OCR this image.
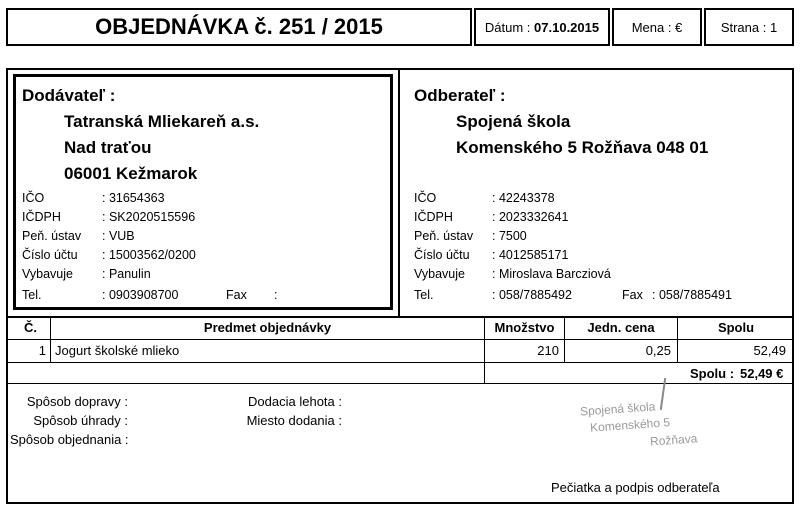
OBJEDNÁVKA č. 251 / 2015	Dátum :
07.10.2015	Mena : €	Strana : 1
Dodávateľ :
Tatranská Mliekareň a.s.
Nad traťou
06001 Kežmarok
IČO	: 31654363
IČDPH	: SK2020515596
Peň. ústav : VUB
Číslo účtu : 15003562/0200
Vybavuje : Panulin
Tel.	: 0903908700	Fax :
Odberateľ :
Spojená škola
Komenského 5 Rožňava 048 01
IČO	: 42243378
IČDPH	: 2023332641
Peň. ústav : 7500
Číslo účtu : 4012585171
Vybavuje : Miroslava Barcziová
Tel.	: 058/7885492	Fax : 058/7885491
Č.	Predmet objednávky	Množstvo	Jedn. cena	Spolu
1 Jogurt školské mlieko	210	0,25	52,49
Spolu : 52,49 €
Spôsob dopravy :
Spôsob úhrady :
Spôsob objednania :
Dodacia lehota :
Miesto dodania :
Spojená škola
Komenského 5
Rožňava
Pečiatka a podpis odberateľa
